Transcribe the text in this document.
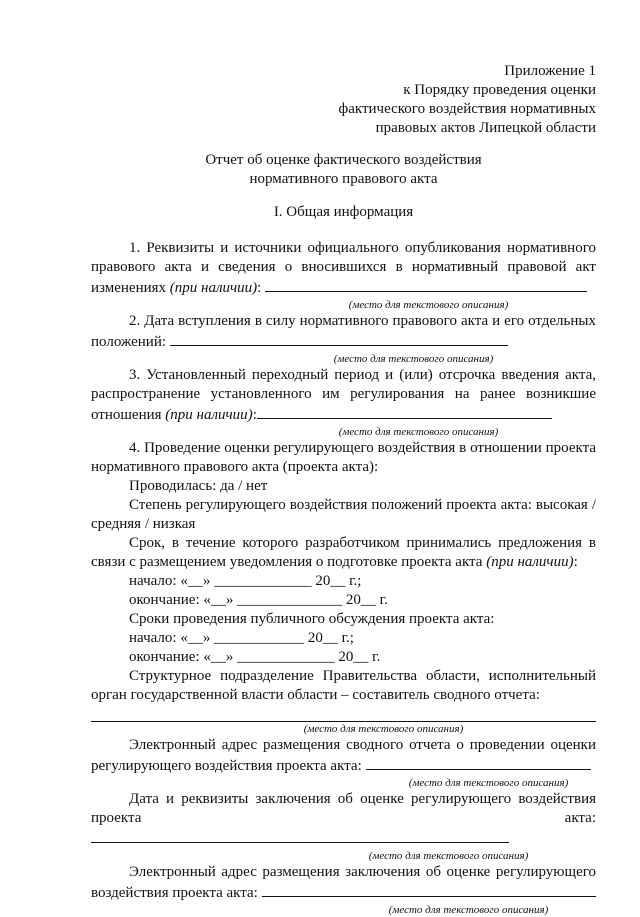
Приложение 1
к Порядку проведения оценки
фактического воздействия нормативных
правовых актов Липецкой области
Отчет об оценке фактического воздействия
нормативного правового акта
I. Общая информация

1. Реквизиты и источники официального опубликования нормативного правового акта и сведения о вносившихся в нормативный правовой акт изменениях (при наличии):

(место для текстового описания)

2. Дата вступления в силу нормативного правового акта и его отдельных положений:

(место для текстового описания)

3. Установленный переходный период и (или) отсрочка введения акта, распространение установленного им регулирования на ранее возникшие отношения (при наличии):

(место для текстового описания)

4. Проведение оценки регулирующего воздействия в отношении проекта нормативного правового акта (проекта акта):

Проводилась: да / нет

Степень регулирующего воздействия положений проекта акта: высокая / средняя / низкая

Срок, в течение которого разработчиком принимались предложения в связи с размещением уведомления о подготовке проекта акта (при наличии):

начало: «__» _____________ 20__ г.;

окончание: «__» ______________ 20__ г.

Сроки проведения публичного обсуждения проекта акта:

начало: «__» ____________ 20__ г.;

окончание: «__» _____________ 20__ г.

Структурное подразделение Правительства области, исполнительный орган государственной власти области – составитель сводного отчета:

(место для текстового описания)

Электронный адрес размещения сводного отчета о проведении оценки регулирующего воздействия проекта акта:

(место для текстового описания)

Дата и реквизиты заключения об оценке регулирующего воздействия проекта акта:

(место для текстового описания)

Электронный адрес размещения заключения об оценке регулирующего воздействия проекта акта:

(место для текстового описания)
